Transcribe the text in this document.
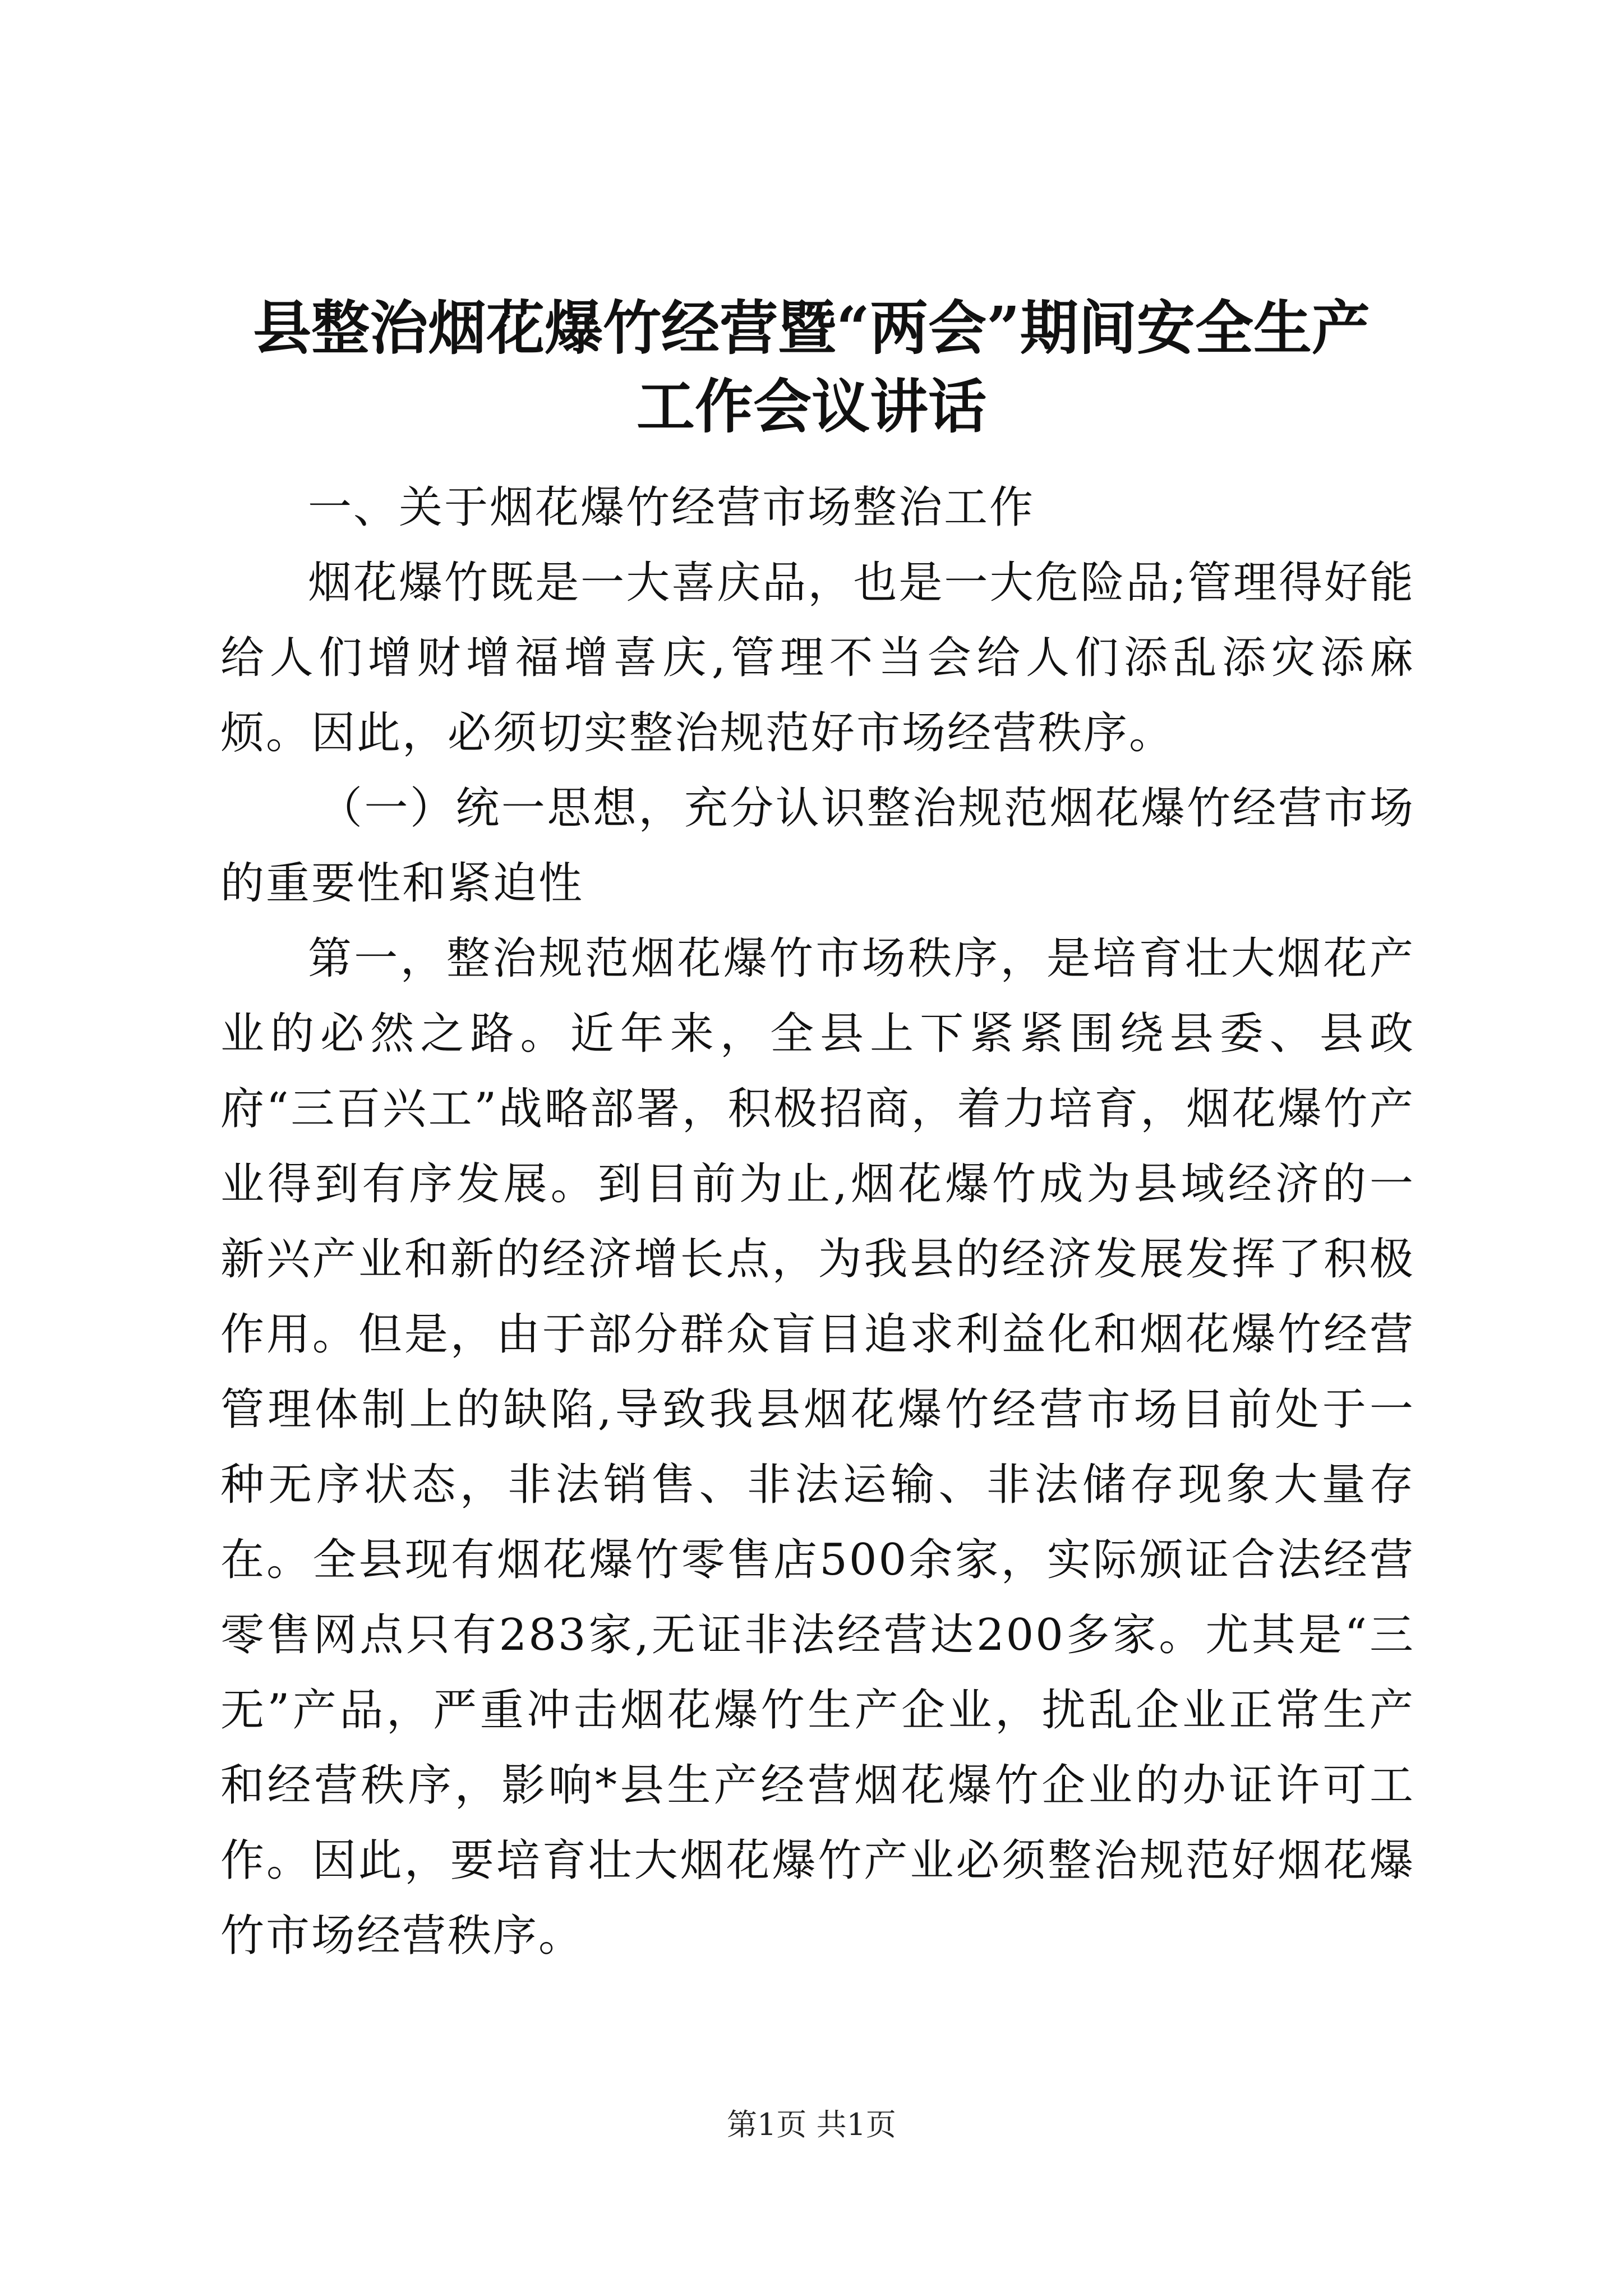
县整治烟花爆竹经营暨“两会”期间安全生产
工作会议讲话

一、关于烟花爆竹经营市场整治工作

烟花爆竹既是一大喜庆品，也是一大危险品;管理得好能给人们增财增福增喜庆,管理不当会给人们添乱添灾添麻烦。因此，必须切实整治规范好市场经营秩序。

（一）统一思想，充分认识整治规范烟花爆竹经营市场的重要性和紧迫性

第一，整治规范烟花爆竹市场秩序，是培育壮大烟花产业的必然之路。近年来，全县上下紧紧围绕县委、县政府“三百兴工”战略部署，积极招商，着力培育，烟花爆竹产业得到有序发展。到目前为止,烟花爆竹成为县域经济的一新兴产业和新的经济增长点，为我县的经济发展发挥了积极作用。但是，由于部分群众盲目追求利益化和烟花爆竹经营管理体制上的缺陷,导致我县烟花爆竹经营市场目前处于一种无序状态，非法销售、非法运输、非法储存现象大量存在。全县现有烟花爆竹零售店500余家，实际颁证合法经营零售网点只有283家,无证非法经营达200多家。尤其是“三无”产品，严重冲击烟花爆竹生产企业，扰乱企业正常生产和经营秩序，影响*县生产经营烟花爆竹企业的办证许可工作。因此，要培育壮大烟花爆竹产业必须整治规范好烟花爆竹市场经营秩序。

第1页 共1页
